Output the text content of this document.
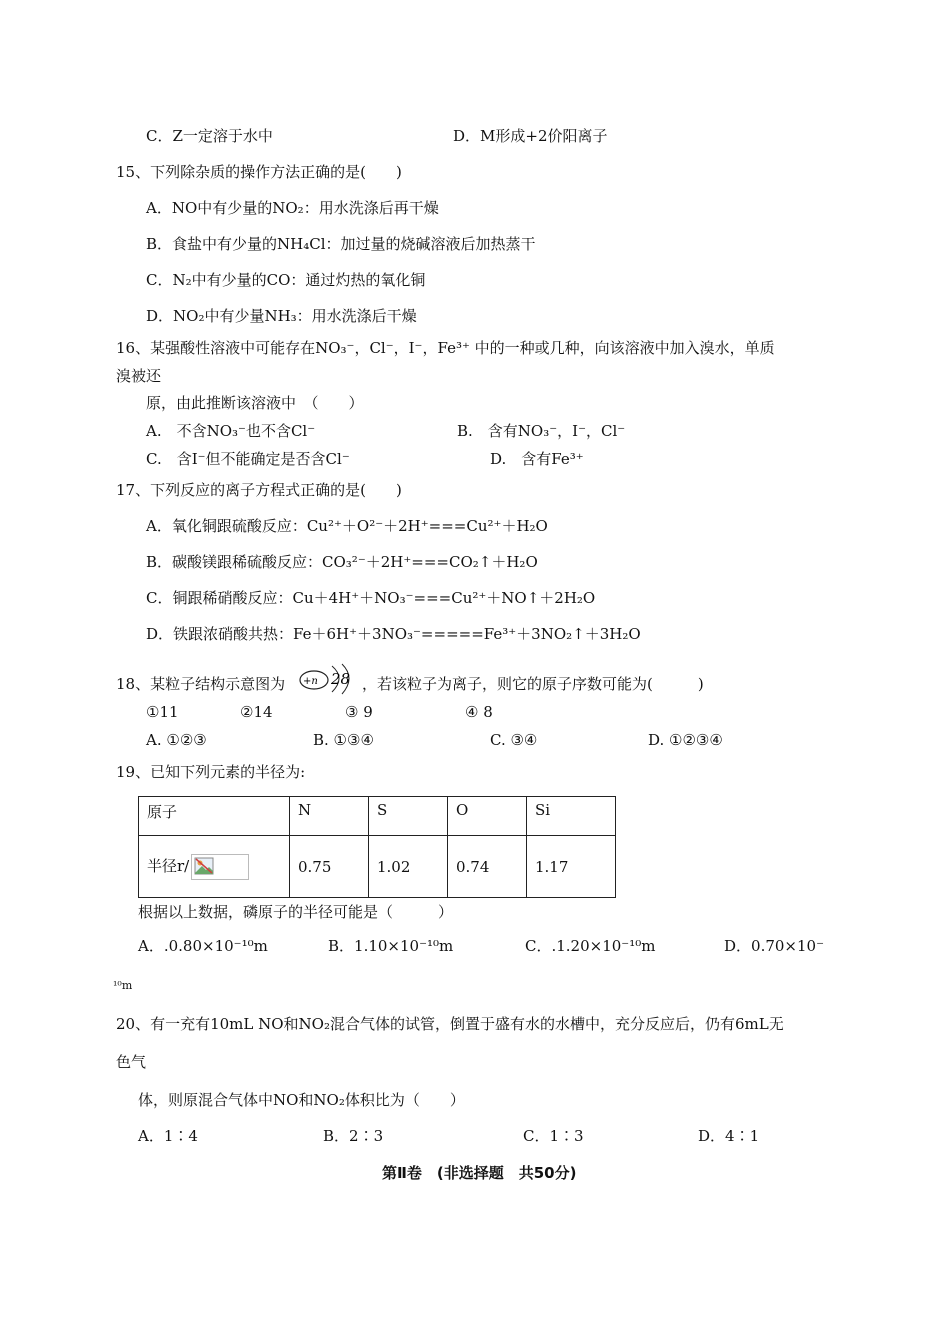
C．Z一定溶于水中	D．M形成+2价阳离子
15、下列除杂质的操作方法正确的是(　　)
A．NO中有少量的NO₂：用水洗涤后再干燥
B．食盐中有少量的NH₄Cl：加过量的烧碱溶液后加热蒸干
C．N₂中有少量的CO：通过灼热的氧化铜
D．NO₂中有少量NH₃：用水洗涤后干燥
16、某强酸性溶液中可能存在NO₃⁻，Cl⁻，I⁻，Fe³⁺ 中的一种或几种，向该溶液中加入溴水，单质
溴被还
原，由此推断该溶液中　（　　）
A.　不含NO₃⁻也不含Cl⁻	B.　含有NO₃⁻，I⁻，Cl⁻
C.　含I⁻但不能确定是否含Cl⁻	D.　含有Fe³⁺
17、下列反应的离子方程式正确的是(　　)
A．氧化铜跟硫酸反应：Cu²⁺＋O²⁻＋2H⁺===Cu²⁺＋H₂O
B．碳酸镁跟稀硫酸反应：CO₃²⁻＋2H⁺===CO₂↑＋H₂O
C．铜跟稀硝酸反应：Cu＋4H⁺＋NO₃⁻===Cu²⁺＋NO↑＋2H₂O
D．铁跟浓硝酸共热：Fe＋6H⁺＋3NO₃⁻=====Fe³⁺＋3NO₂↑＋3H₂O
18、某粒子结构示意图为 +n 28 ，若该粒子为离子，则它的原子序数可能为(　　　)
①11	②14	③ 9	④ 8
A. ①②③	B. ①③④	C. ③④	D. ①②③④
19、已知下列元素的半径为:
原子	N	S	O	Si
半径r/	0.75	1.02	0.74	1.17
根据以上数据，磷原子的半径可能是（　　　）
A．.0.80×10⁻¹⁰m	B．1.10×10⁻¹⁰m	C．.1.20×10⁻¹⁰m	D．0.70×10⁻
¹⁰m
20、有一充有10mL NO和NO₂混合气体的试管，倒置于盛有水的水槽中，充分反应后，仍有6mL无
色气
体，则原混合气体中NO和NO₂体积比为（　　）
A．1∶4	B．2∶3	C．1∶3	D．4∶1
第Ⅱ卷　(非选择题　共50分)
